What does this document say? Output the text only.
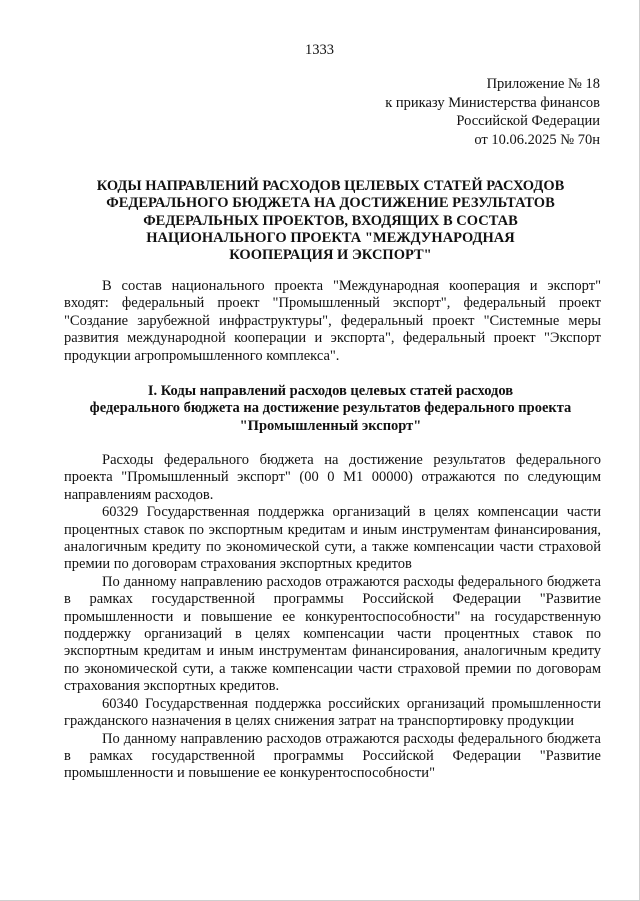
1333
Приложение № 18
к приказу Министерства финансов
Российской Федерации
от 10.06.2025 № 70н
КОДЫ НАПРАВЛЕНИЙ РАСХОДОВ ЦЕЛЕВЫХ СТАТЕЙ РАСХОДОВ
ФЕДЕРАЛЬНОГО БЮДЖЕТА НА ДОСТИЖЕНИЕ РЕЗУЛЬТАТОВ
ФЕДЕРАЛЬНЫХ ПРОЕКТОВ, ВХОДЯЩИХ В СОСТАВ
НАЦИОНАЛЬНОГО ПРОЕКТА "МЕЖДУНАРОДНАЯ
КООПЕРАЦИЯ И ЭКСПОРТ"

В состав национального проекта "Международная кооперация и экспорт" входят: федеральный проект "Промышленный экспорт", федеральный проект "Создание зарубежной инфраструктуры", федеральный проект "Системные меры развития международной кооперации и экспорта", федеральный проект "Экспорт продукции агропромышленного комплекса".

I. Коды направлений расходов целевых статей расходов
федерального бюджета на достижение результатов федерального проекта
"Промышленный экспорт"

Расходы федерального бюджета на достижение результатов федерального проекта "Промышленный экспорт" (00 0 M1 00000) отражаются по следующим направлениям расходов.

60329 Государственная поддержка организаций в целях компенсации части процентных ставок по экспортным кредитам и иным инструментам финансирования, аналогичным кредиту по экономической сути, а также компенсации части страховой премии по договорам страхования экспортных кредитов

По данному направлению расходов отражаются расходы федерального бюджета в рамках государственной программы Российской Федерации "Развитие промышленности и повышение ее конкурентоспособности" на государственную поддержку организаций в целях компенсации части процентных ставок по экспортным кредитам и иным инструментам финансирования, аналогичным кредиту по экономической сути, а также компенсации части страховой премии по договорам страхования экспортных кредитов.

60340 Государственная поддержка российских организаций промышленности гражданского назначения в целях снижения затрат на транспортировку продукции

По данному направлению расходов отражаются расходы федерального бюджета в рамках государственной программы Российской Федерации "Развитие промышленности и повышение ее конкурентоспособности"
